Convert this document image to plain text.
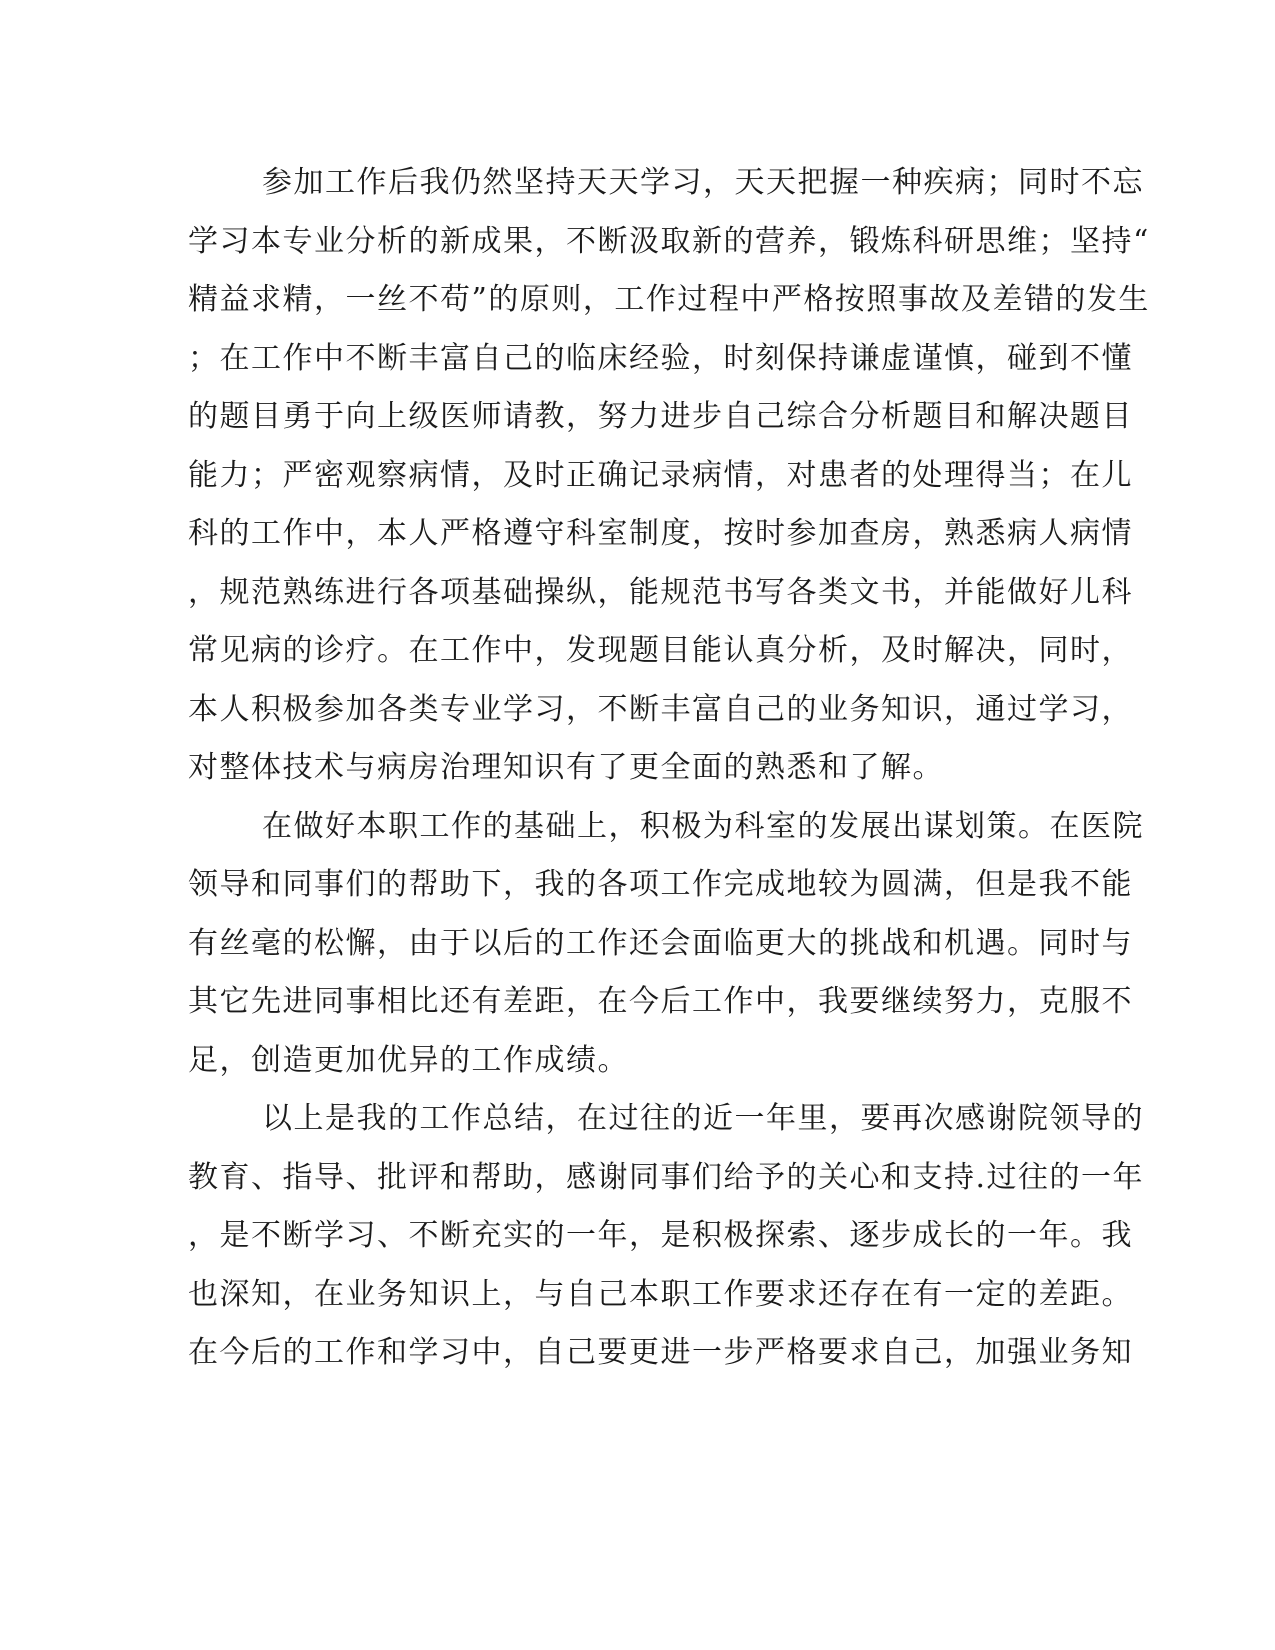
参加工作后我仍然坚持天天学习，天天把握一种疾病；同时不忘

学习本专业分析的新成果，不断汲取新的营养，锻炼科研思维；坚持“

精益求精，一丝不苟”的原则，工作过程中严格按照事故及差错的发生

；在工作中不断丰富自己的临床经验，时刻保持谦虚谨慎，碰到不懂

的题目勇于向上级医师请教，努力进步自己综合分析题目和解决题目

能力；严密观察病情，及时正确记录病情，对患者的处理得当；在儿

科的工作中，本人严格遵守科室制度，按时参加查房，熟悉病人病情

，规范熟练进行各项基础操纵，能规范书写各类文书，并能做好儿科

常见病的诊疗。在工作中，发现题目能认真分析，及时解决，同时，

本人积极参加各类专业学习，不断丰富自己的业务知识，通过学习，

对整体技术与病房治理知识有了更全面的熟悉和了解。

在做好本职工作的基础上，积极为科室的发展出谋划策。在医院

领导和同事们的帮助下，我的各项工作完成地较为圆满，但是我不能

有丝毫的松懈，由于以后的工作还会面临更大的挑战和机遇。同时与

其它先进同事相比还有差距，在今后工作中，我要继续努力，克服不

足，创造更加优异的工作成绩。

以上是我的工作总结，在过往的近一年里，要再次感谢院领导的

教育、指导、批评和帮助，感谢同事们给予的关心和支持.过往的一年

，是不断学习、不断充实的一年，是积极探索、逐步成长的一年。我

也深知，在业务知识上，与自己本职工作要求还存在有一定的差距。

在今后的工作和学习中，自己要更进一步严格要求自己，加强业务知
